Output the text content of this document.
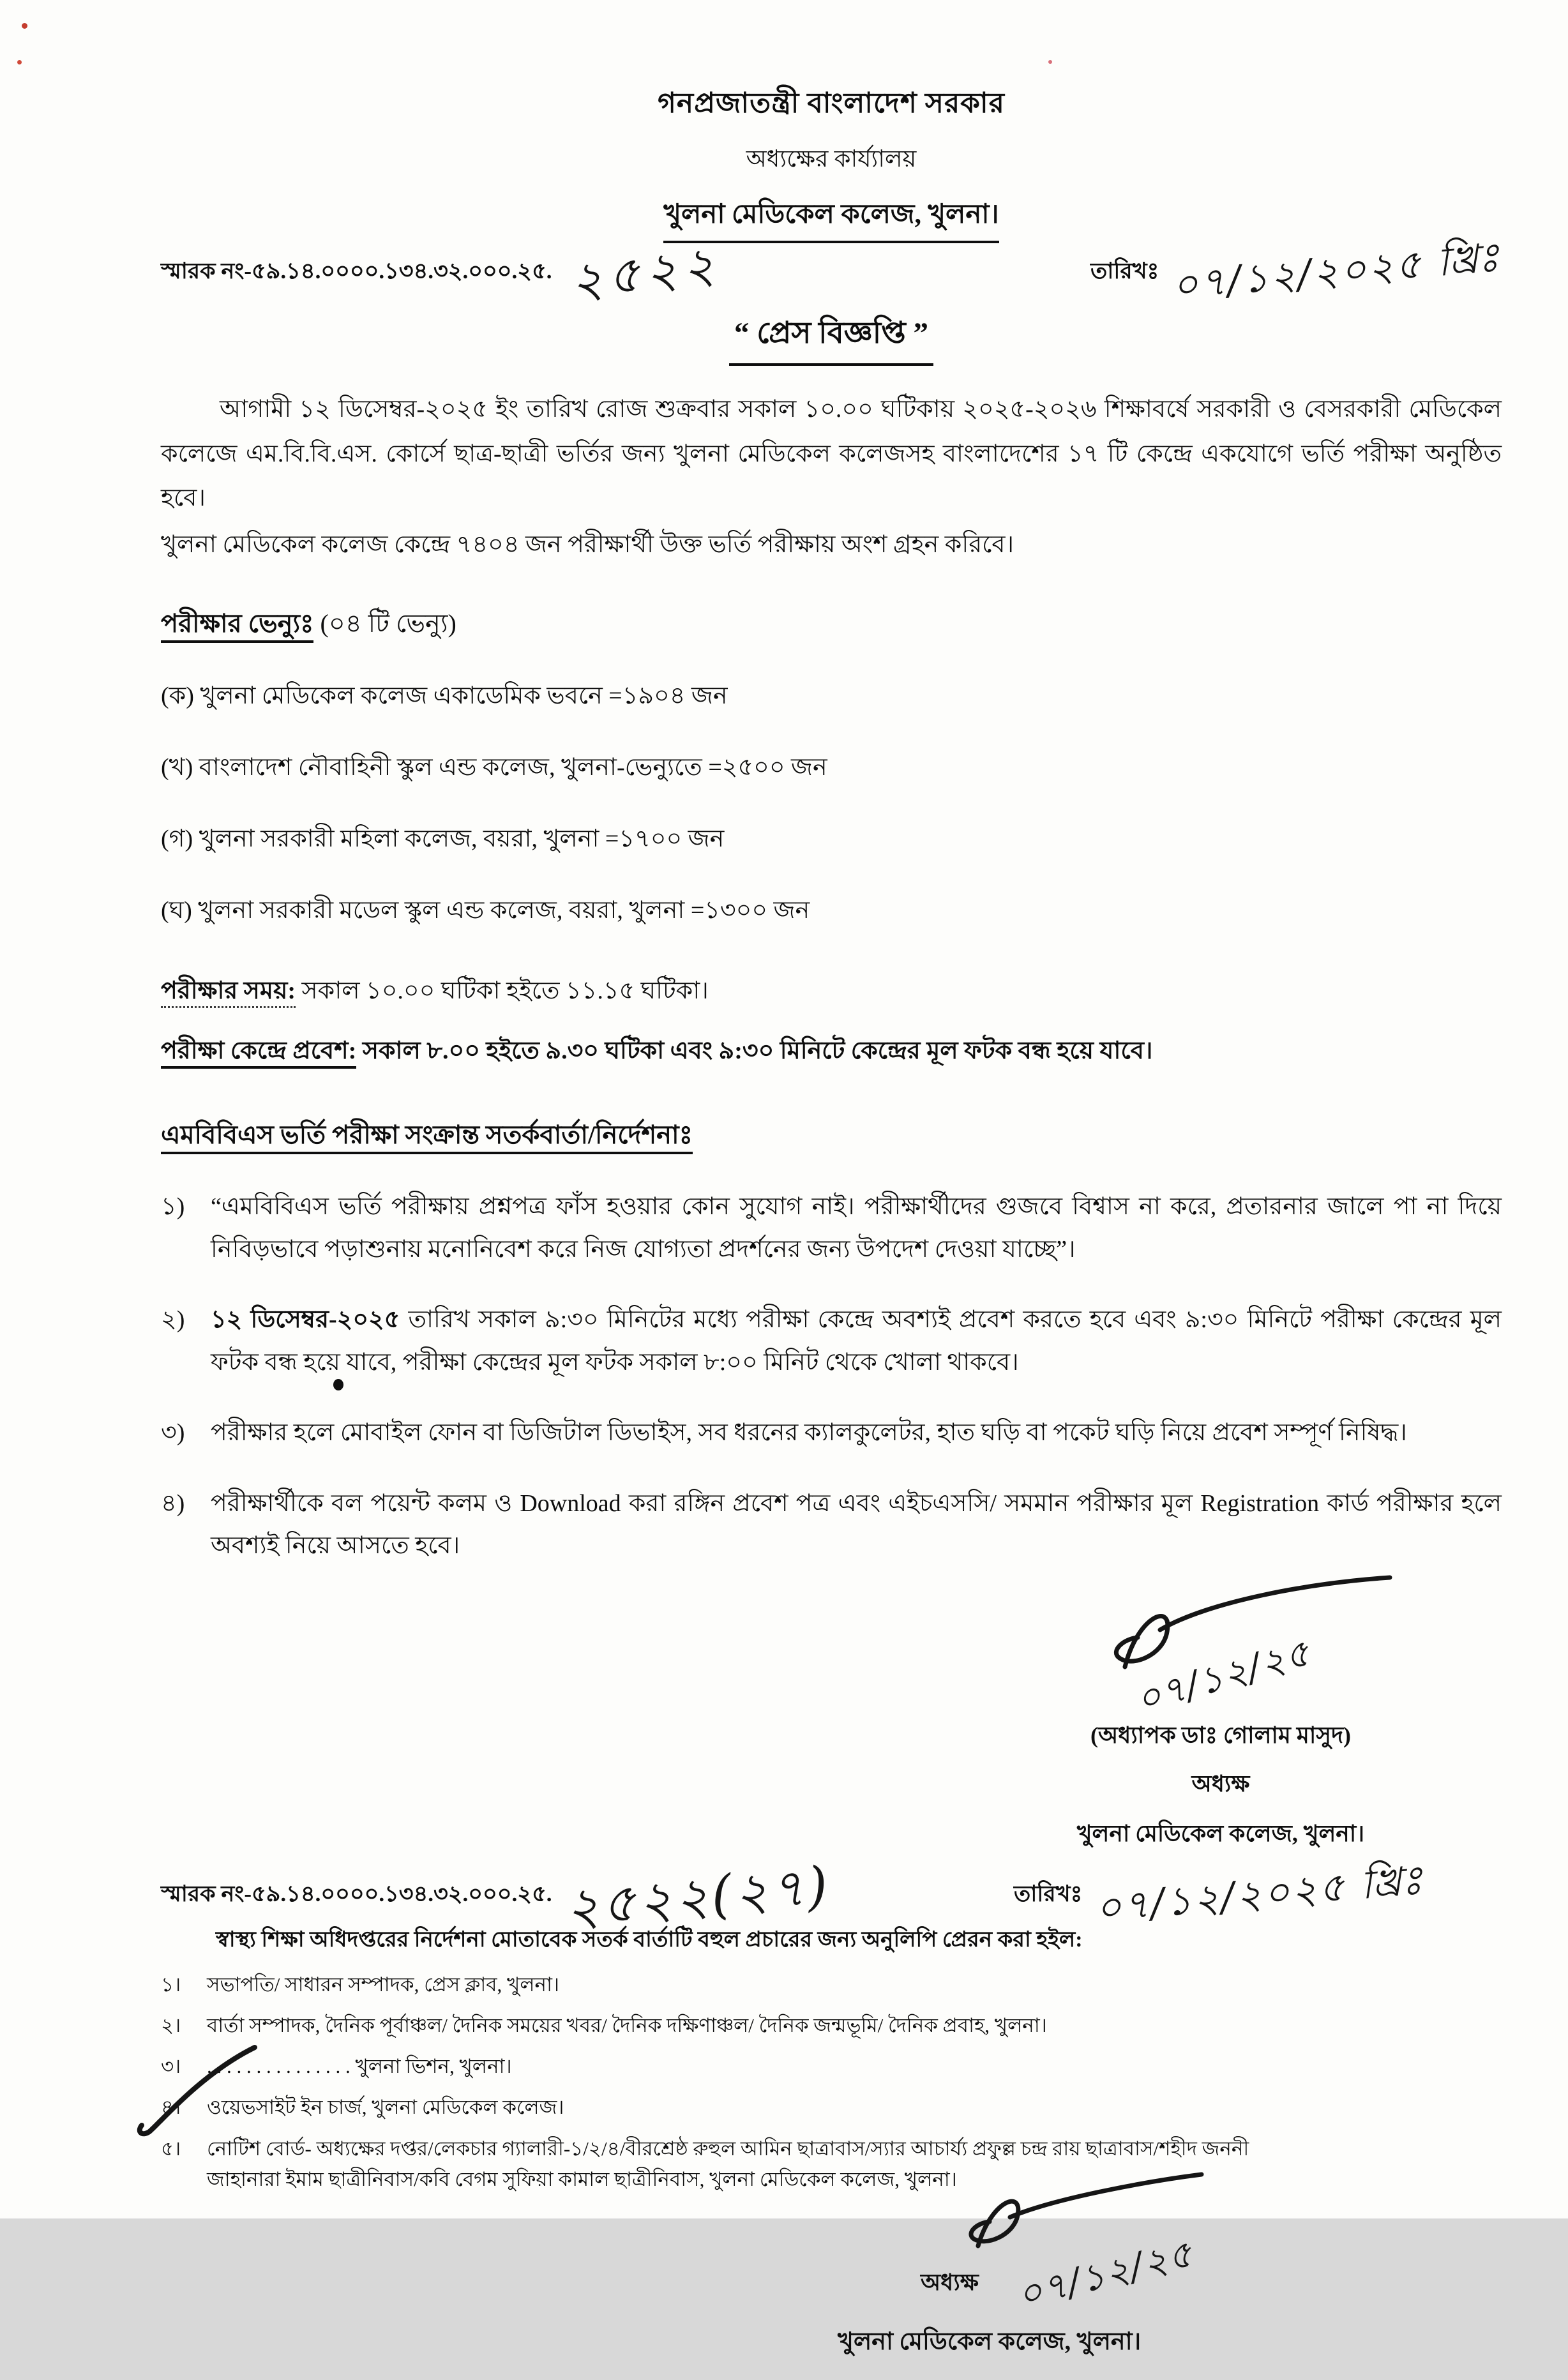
গনপ্রজাতন্ত্রী বাংলাদেশ সরকার
অধ্যক্ষের কার্য্যালয়
খুলনা মেডিকেল কলেজ, খুলনা।
স্মারক নং-৫৯.১৪.০০০০.১৩৪.৩২.০০০.২৫. ২৫২২	তারিখঃ ০৭/১২/২০২৫ খ্রিঃ
“ প্রেস বিজ্ঞপ্তি ”
আগামী ১২ ডিসেম্বর-২০২৫ ইং তারিখ রোজ শুক্রবার সকাল ১০.০০ ঘটিকায় ২০২৫-২০২৬ শিক্ষাবর্ষে সরকারী ও বেসরকারী মেডিকেল কলেজে এম.বি.বি.এস. কোর্সে ছাত্র-ছাত্রী ভর্তির জন্য খুলনা মেডিকেল কলেজসহ বাংলাদেশের ১৭ টি কেন্দ্রে একযোগে ভর্তি পরীক্ষা অনুষ্ঠিত হবে।
খুলনা মেডিকেল কলেজ কেন্দ্রে ৭৪০৪ জন পরীক্ষার্থী উক্ত ভর্তি পরীক্ষায় অংশ গ্রহন করিবে।
পরীক্ষার ভেন্যুঃ (০৪ টি ভেন্যু)
(ক) খুলনা মেডিকেল কলেজ একাডেমিক ভবনে =১৯০৪ জন
(খ) বাংলাদেশ নৌবাহিনী স্কুল এন্ড কলেজ, খুলনা-ভেন্যুতে =২৫০০ জন
(গ) খুলনা সরকারী মহিলা কলেজ, বয়রা, খুলনা =১৭০০ জন
(ঘ) খুলনা সরকারী মডেল স্কুল এন্ড কলেজ, বয়রা, খুলনা =১৩০০ জন
পরীক্ষার সময়: সকাল ১০.০০ ঘটিকা হইতে ১১.১৫ ঘটিকা।
পরীক্ষা কেন্দ্রে প্রবেশ: সকাল ৮.০০ হইতে ৯.৩০ ঘটিকা এবং ৯:৩০ মিনিটে কেন্দ্রের মূল ফটক বন্ধ হয়ে যাবে।
এমবিবিএস ভর্তি পরীক্ষা সংক্রান্ত সতর্কবার্তা/নির্দেশনাঃ
১)	“এমবিবিএস ভর্তি পরীক্ষায় প্রশ্নপত্র ফাঁস হওয়ার কোন সুযোগ নাই। পরীক্ষার্থীদের গুজবে বিশ্বাস না করে, প্রতারনার জালে পা না দিয়ে নিবিড়ভাবে পড়াশুনায় মনোনিবেশ করে নিজ যোগ্যতা প্রদর্শনের জন্য উপদেশ দেওয়া যাচ্ছে”।
২)	১২ ডিসেম্বর-২০২৫ তারিখ সকাল ৯:৩০ মিনিটের মধ্যে পরীক্ষা কেন্দ্রে অবশ্যই প্রবেশ করতে হবে এবং ৯:৩০ মিনিটে পরীক্ষা কেন্দ্রের মূল ফটক বন্ধ হয়ে যাবে, পরীক্ষা কেন্দ্রের মূল ফটক সকাল ৮:০০ মিনিট থেকে খোলা থাকবে।
৩)	পরীক্ষার হলে মোবাইল ফোন বা ডিজিটাল ডিভাইস, সব ধরনের ক্যালকুলেটর, হাত ঘড়ি বা পকেট ঘড়ি নিয়ে প্রবেশ সম্পূর্ণ নিষিদ্ধ।
৪)	পরীক্ষার্থীকে বল পয়েন্ট কলম ও Download করা রঙ্গিন প্রবেশ পত্র এবং এইচএসসি/ সমমান পরীক্ষার মূল Registration কার্ড পরীক্ষার হলে অবশ্যই নিয়ে আসতে হবে।
০৭/১২/২৫
(অধ্যাপক ডাঃ গোলাম মাসুদ)
অধ্যক্ষ
খুলনা মেডিকেল কলেজ, খুলনা।
স্মারক নং-৫৯.১৪.০০০০.১৩৪.৩২.০০০.২৫. ২৫২২(২৭)	তারিখঃ ০৭/১২/২০২৫ খ্রিঃ
স্বাস্থ্য শিক্ষা অধিদপ্তরের নির্দেশনা মোতাবেক সতর্ক বার্তাটি বহুল প্রচারের জন্য অনুলিপি প্রেরন করা হইল:
১।	সভাপতি/ সাধারন সম্পাদক, প্রেস ক্লাব, খুলনা।
২।	বার্তা সম্পাদক, দৈনিক পূর্বাঞ্চল/ দৈনিক সময়ের খবর/ দৈনিক দক্ষিণাঞ্চল/ দৈনিক জন্মভূমি/ দৈনিক প্রবাহ, খুলনা।
৩।	. . . . . . . . . . . . . . . খুলনা ভিশন, খুলনা।
৪।	ওয়েভসাইট ইন চার্জ, খুলনা মেডিকেল কলেজ।
৫।	নোটিশ বোর্ড- অধ্যক্ষের দপ্তর/লেকচার গ্যালারী-১/২/৪/বীরশ্রেষ্ঠ রুহুল আমিন ছাত্রাবাস/স্যার আচার্য্য প্রফুল্ল চন্দ্র রায় ছাত্রাবাস/শহীদ জননী জাহানারা ইমাম ছাত্রীনিবাস/কবি বেগম সুফিয়া কামাল ছাত্রীনিবাস, খুলনা মেডিকেল কলেজ, খুলনা।
০৭/১২/২৫
অধ্যক্ষ
খুলনা মেডিকেল কলেজ, খুলনা।
